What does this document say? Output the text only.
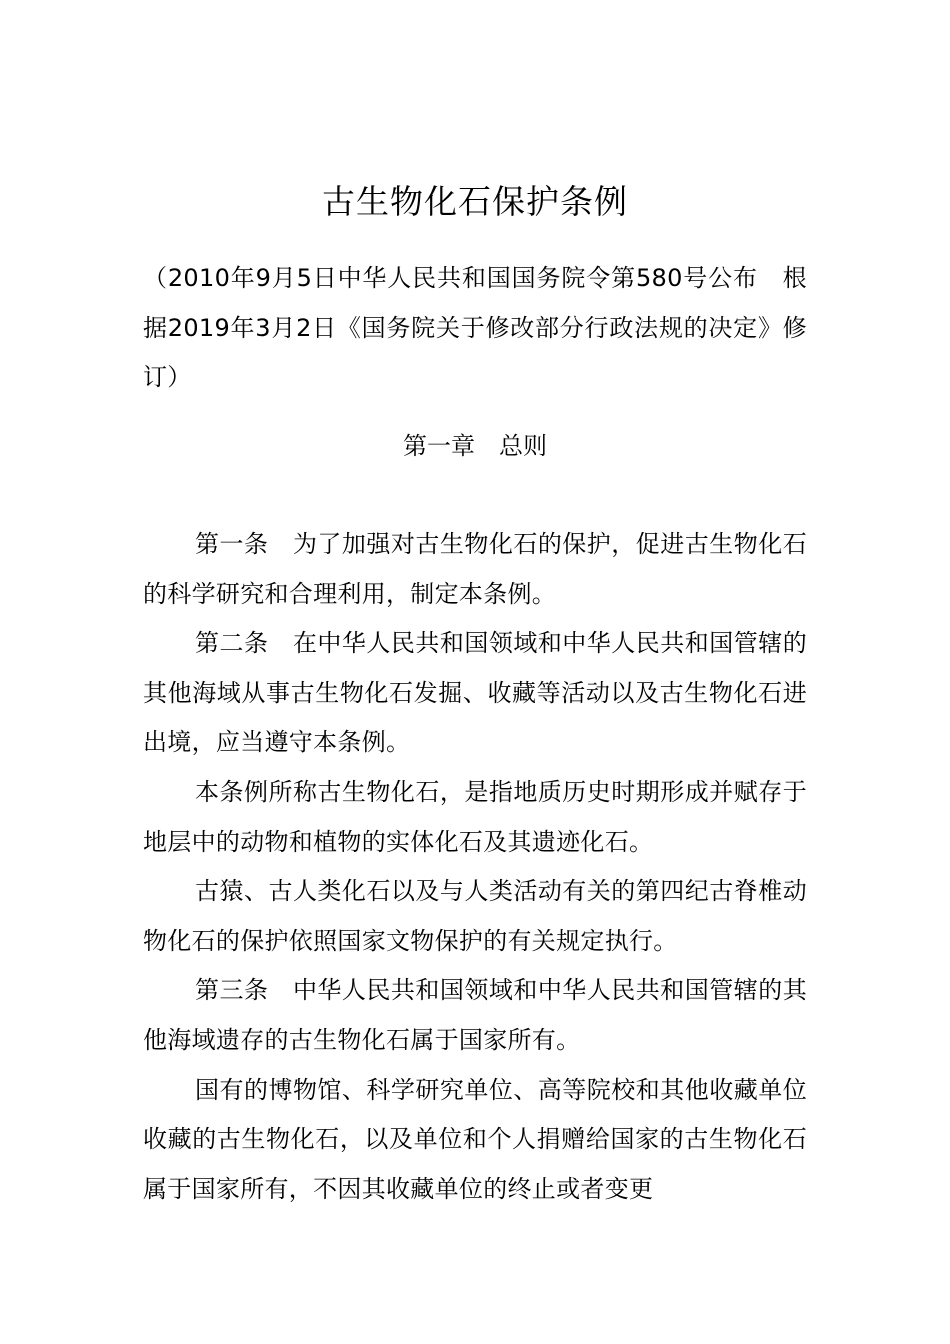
古生物化石保护条例

（2010年9月5日中华人民共和国国务院令第580号公布　根据2019年3月2日《国务院关于修改部分行政法规的决定》修订）

第一章　总则

第一条　为了加强对古生物化石的保护，促进古生物化石的科学研究和合理利用，制定本条例。

第二条　在中华人民共和国领域和中华人民共和国管辖的其他海域从事古生物化石发掘、收藏等活动以及古生物化石进出境，应当遵守本条例。

本条例所称古生物化石，是指地质历史时期形成并赋存于地层中的动物和植物的实体化石及其遗迹化石。

古猿、古人类化石以及与人类活动有关的第四纪古脊椎动物化石的保护依照国家文物保护的有关规定执行。

第三条　中华人民共和国领域和中华人民共和国管辖的其他海域遗存的古生物化石属于国家所有。

国有的博物馆、科学研究单位、高等院校和其他收藏单位收藏的古生物化石，以及单位和个人捐赠给国家的古生物化石属于国家所有，不因其收藏单位的终止或者变更
